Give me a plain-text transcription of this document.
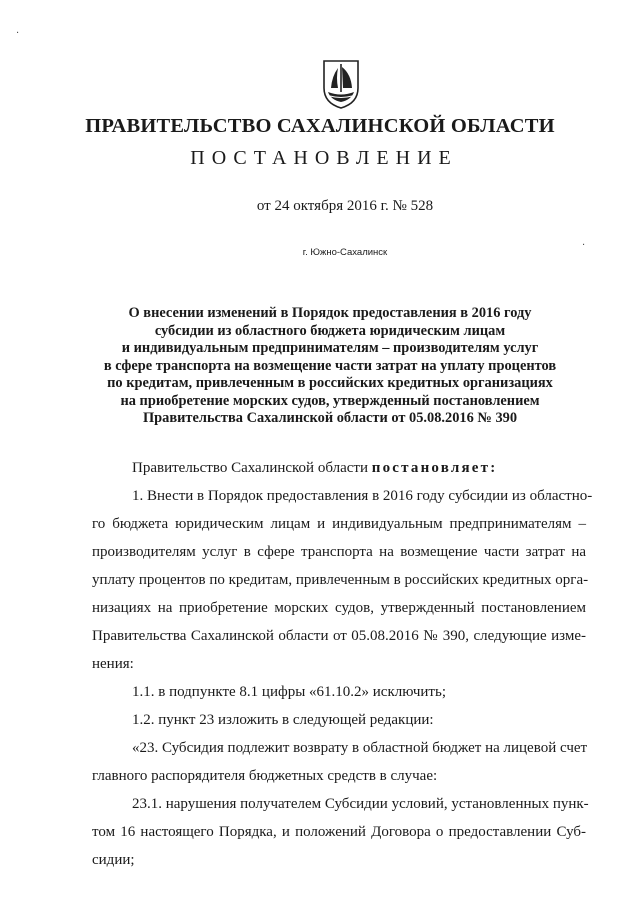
·
·
ПРАВИТЕЛЬСТВО САХАЛИНСКОЙ ОБЛАСТИ
ПОСТАНОВЛЕНИЕ
от 24 октября 2016 г. № 528
г. Южно-Сахалинск
О внесении изменений в Порядок предоставления в 2016 году
субсидии из областного бюджета юридическим лицам
и индивидуальным предпринимателям – производителям услуг
в сфере транспорта на возмещение части затрат на уплату процентов
по кредитам, привлеченным в российских кредитных организациях
на приобретение морских судов, утвержденный постановлением
Правительства Сахалинской области от 05.08.2016 № 390
Правительство Сахалинской области постановляет:
1. Внести в Порядок предоставления в 2016 году субсидии из областно-
го бюджета юридическим лицам и индивидуальным предпринимателям –
производителям услуг в сфере транспорта на возмещение части затрат на
уплату процентов по кредитам, привлеченным в российских кредитных орга-
низациях на приобретение морских судов, утвержденный постановлением
Правительства Сахалинской области от 05.08.2016 № 390, следующие изме-
нения:
1.1. в подпункте 8.1 цифры «61.10.2» исключить;
1.2. пункт 23 изложить в следующей редакции:
«23. Субсидия подлежит возврату в областной бюджет на лицевой счет
главного распорядителя бюджетных средств в случае:
23.1. нарушения получателем Субсидии условий, установленных пунк-
том 16 настоящего Порядка, и положений Договора о предоставлении Суб-
сидии;
